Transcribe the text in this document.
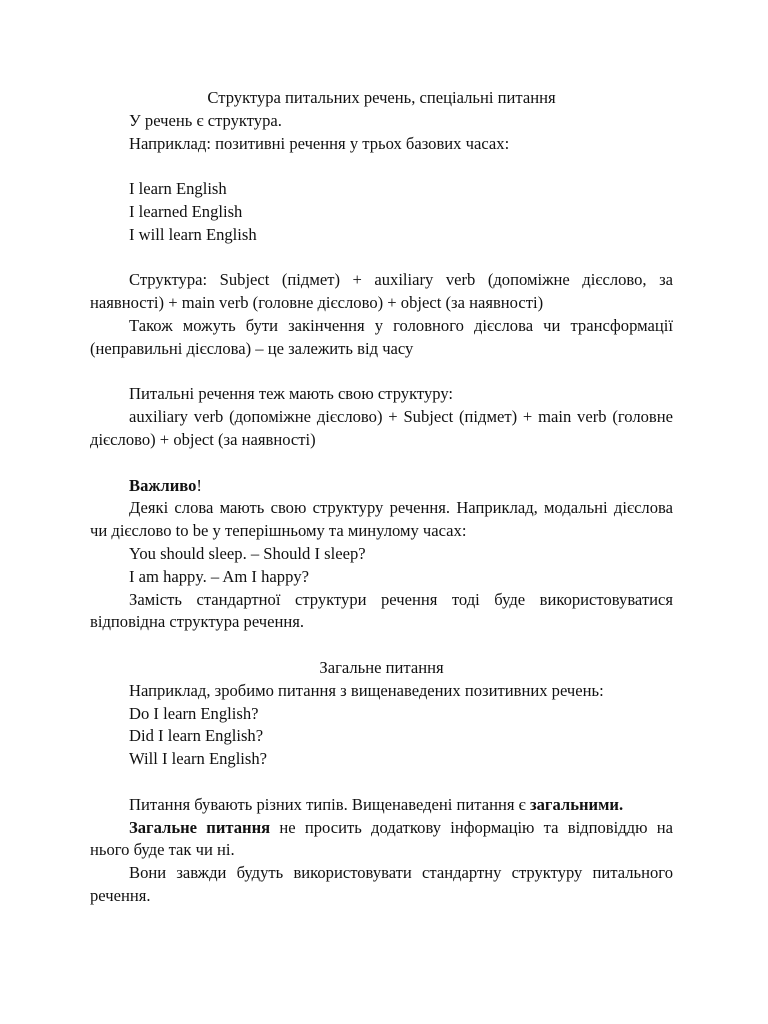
Структура питальних речень, спеціальні питання

У речень є структура.

Наприклад: позитивні речення у трьох базових часах:

I learn English

I learned English

I will learn English

Структура: Subject (підмет) + auxiliary verb (допоміжне дієслово, за наявності) + main verb (головне дієслово) + object (за наявності)

Також можуть бути закінчення у головного дієслова чи трансформації (неправильні дієслова) – це залежить від часу

Питальні речення теж мають свою структуру:

auxiliary verb (допоміжне дієслово) + Subject (підмет) + main verb (головне дієслово) + object (за наявності)

Важливо!

Деякі слова мають свою структуру речення. Наприклад, модальні дієслова чи дієслово to be у теперішньому та минулому часах:

You should sleep. – Should I sleep?

I am happy. – Am I happy?

Замість стандартної структури речення тоді буде використовуватися відповідна структура речення.

Загальне питання

Наприклад, зробимо питання з вищенаведених позитивних речень:

Do I learn English?

Did I learn English?

Will I learn English?

Питання бувають різних типів. Вищенаведені питання є загальними.

Загальне питання не просить додаткову інформацію та відповіддю на нього буде так чи ні.

Вони завжди будуть використовувати стандартну структуру питального речення.
